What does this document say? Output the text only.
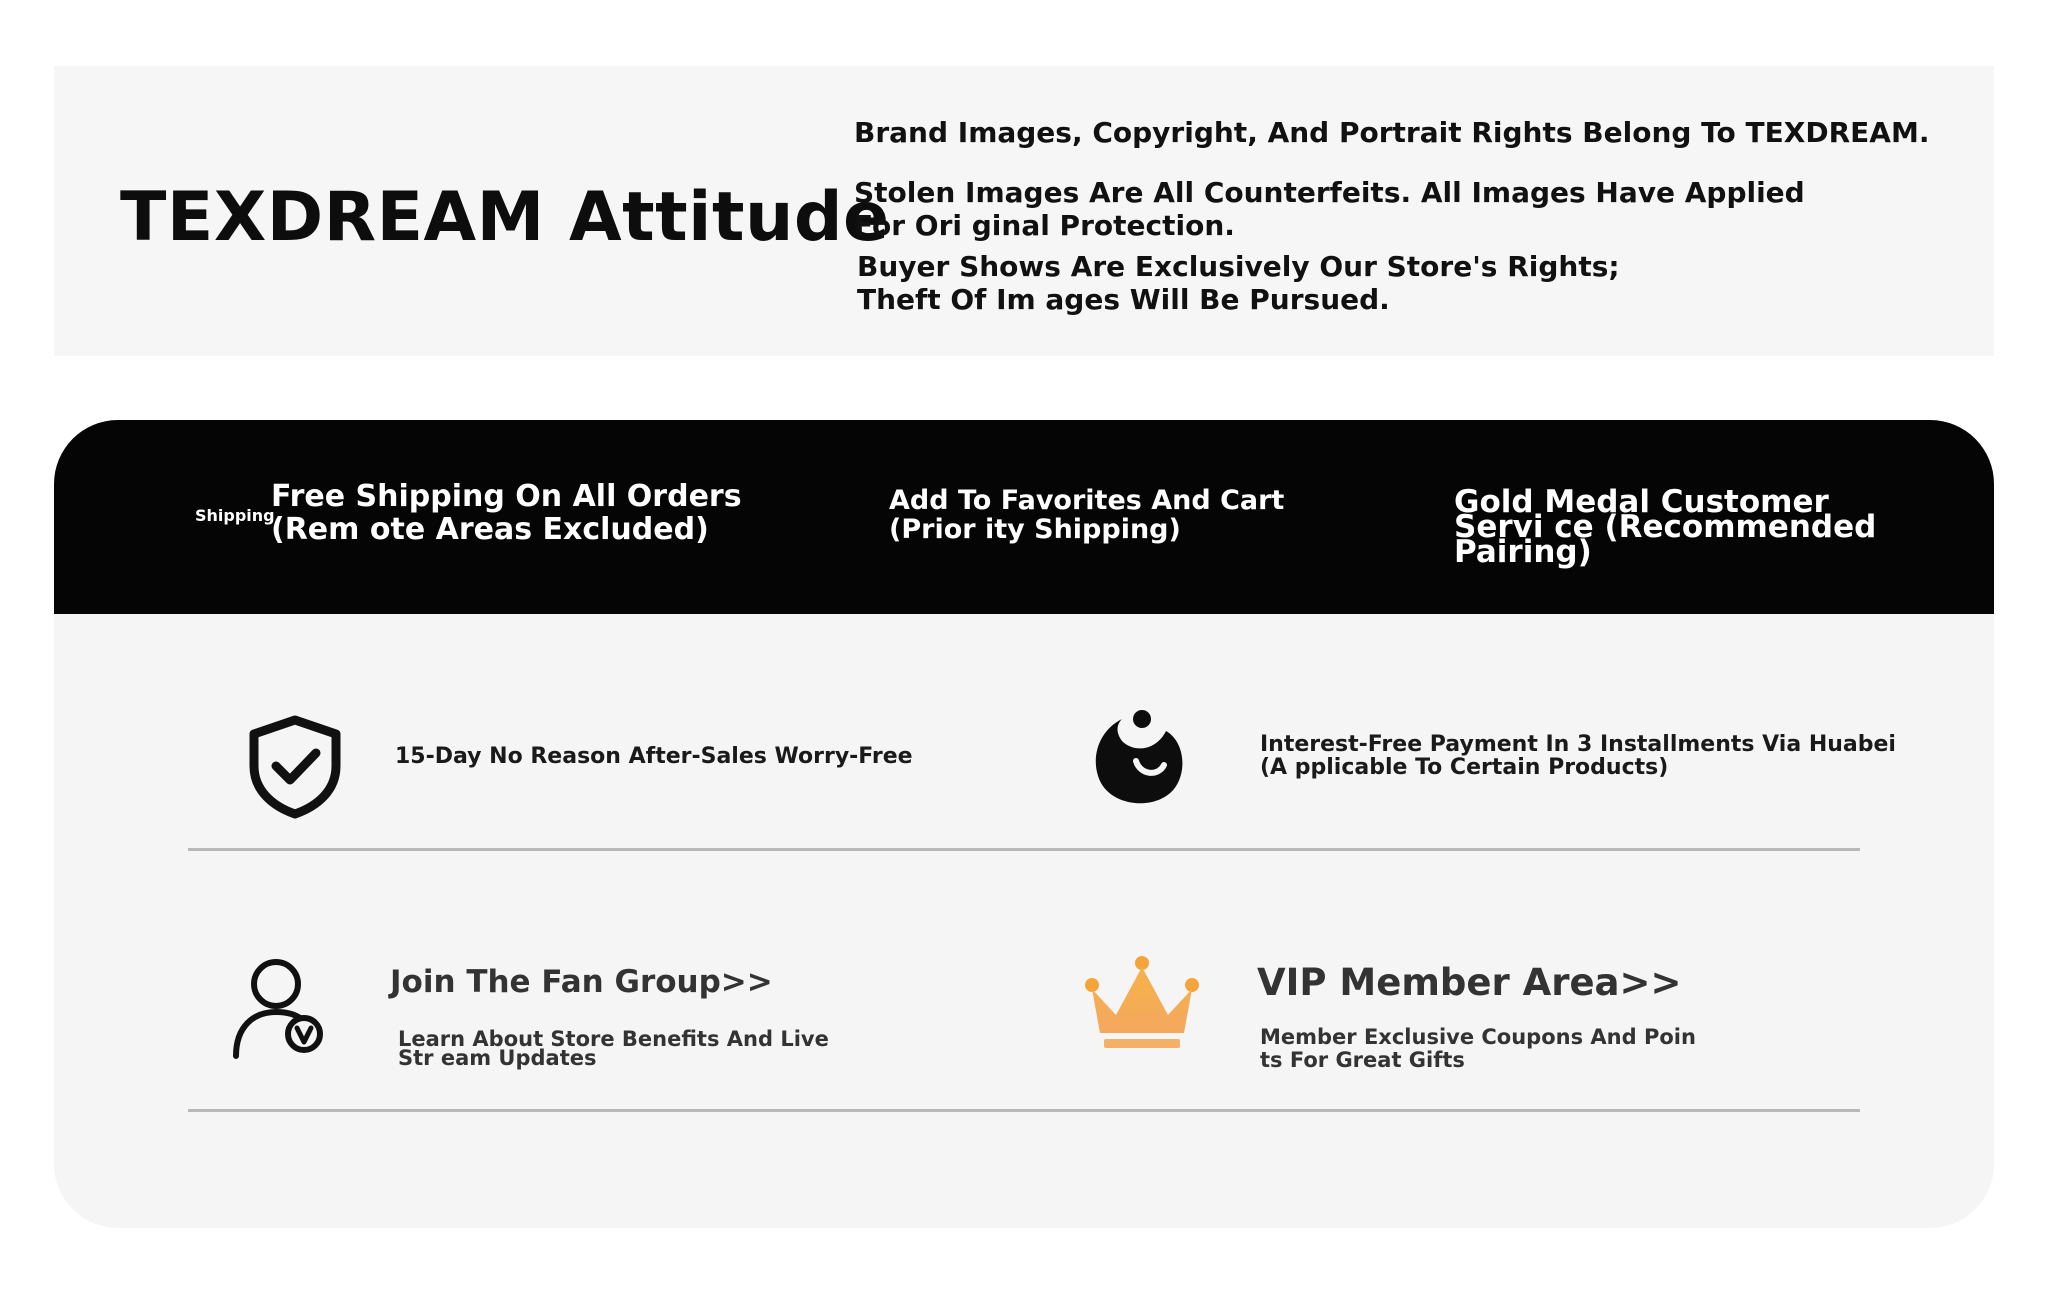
TEXDREAM Attitude
Brand Images, Copyright, And Portrait Rights Belong To TEXDREAM.
Stolen Images Are All Counterfeits. All Images Have Applied For Ori ginal Protection.
Buyer Shows Are Exclusively Our Store's Rights; Theft Of Im ages Will Be Pursued.
Shipping
Free Shipping On All Orders (Rem ote Areas Excluded)
Add To Favorites And Cart (Prior ity Shipping)
Gold Medal Customer Servi ce (Recommended Pairing)
15-Day No Reason After-Sales Worry-Free	Interest-Free Payment In 3 Installments Via Huabei (A pplicable To Certain Products)
Join The Fan Group>>
Learn About Store Benefits And Live Str eam Updates
VIP Member Area>>
Member Exclusive Coupons And Poin ts For Great Gifts
